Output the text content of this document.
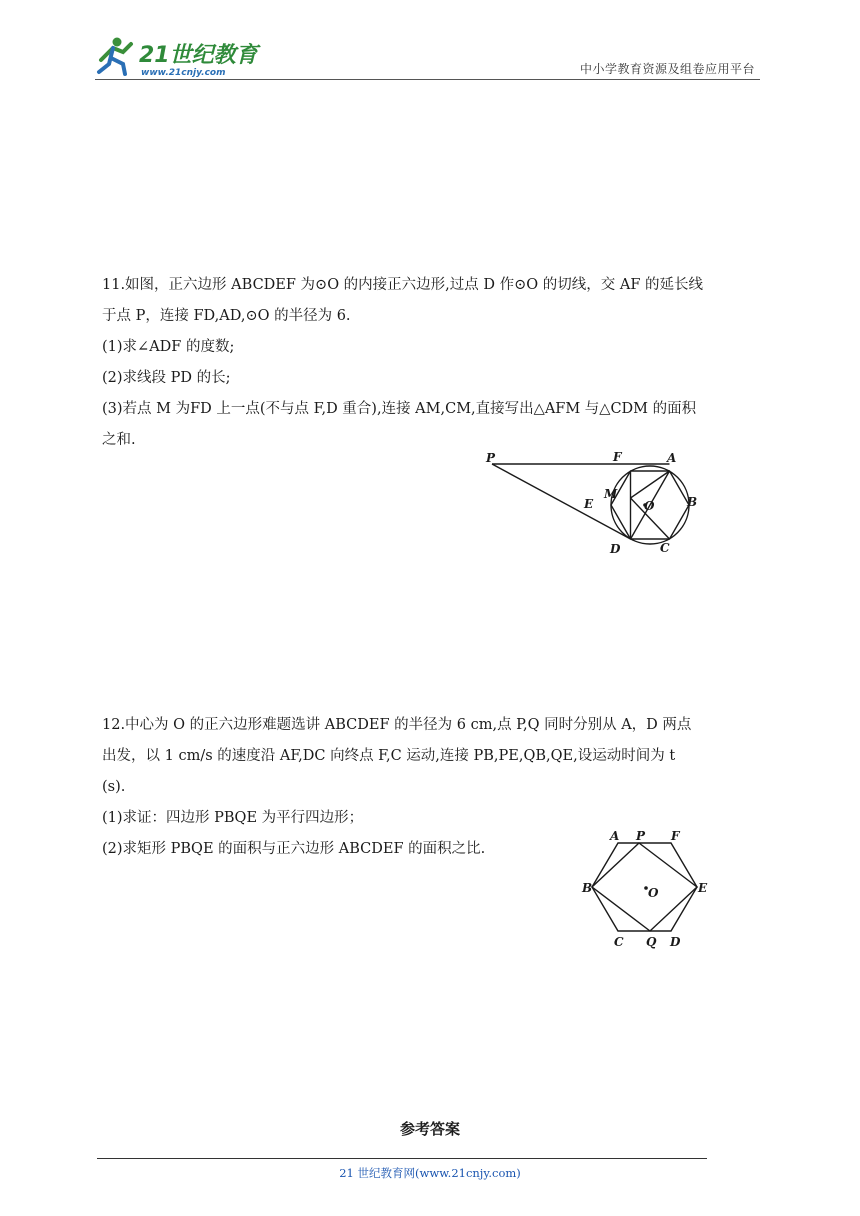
21世纪教育
www.21cnjy.com	中小学教育资源及组卷应用平台

11.如图，正六边形 ABCDEF 为⊙O 的内接正六边形,过点 D 作⊙O 的切线，交 AF 的延长线

于点 P，连接 FD,AD,⊙O 的半径为 6.

(1)求∠ADF 的度数;

(2)求线段 PD 的长;

(3)若点 M 为FD 上一点(不与点 F,D 重合),连接 AM,CM,直接写出△AFM 与△CDM 的面积

之和.

P	F	A
E
M
O	B
D	C

12.中心为 O 的正六边形难题选讲 ABCDEF 的半径为 6 cm,点 P,Q 同时分别从 A，D 两点

出发，以 1 cm/s 的速度沿 AF,DC 向终点 F,C 运动,连接 PB,PE,QB,QE,设运动时间为 t

(s).

(1)求证：四边形 PBQE 为平行四边形；

(2)求矩形 PBQE 的面积与正六边形 ABCDEF 的面积之比.

A P F
B	O	E
C Q D
参考答案
21 世纪教育网(www.21cnjy.com)
